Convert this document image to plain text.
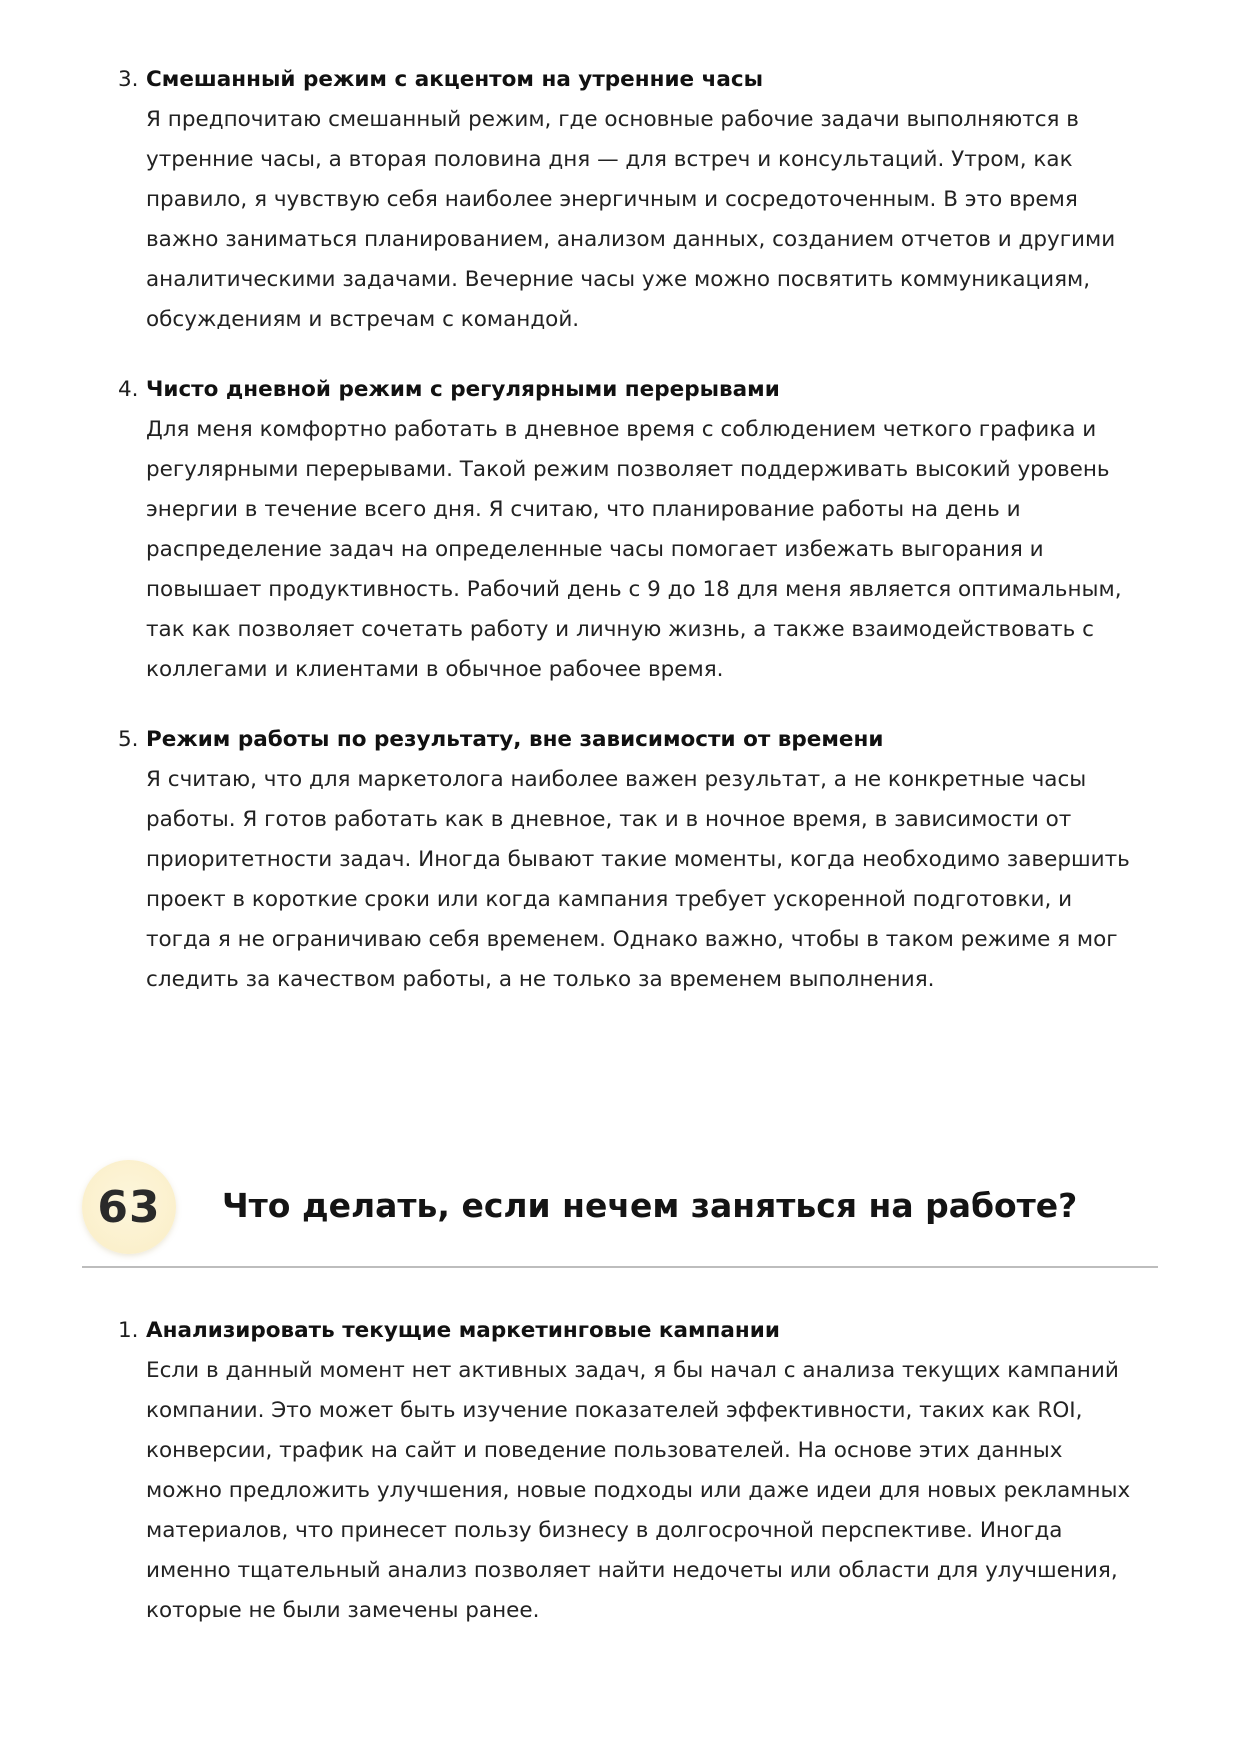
3. Смешанный режим с акцентом на утренние часы
Я предпочитаю смешанный режим, где основные рабочие задачи выполняются в утренние часы, а вторая половина дня — для встреч и консультаций. Утром, как правило, я чувствую себя наиболее энергичным и сосредоточенным. В это время важно заниматься планированием, анализом данных, созданием отчетов и другими аналитическими задачами. Вечерние часы уже можно посвятить коммуникациям, обсуждениям и встречам с командой.
4. Чисто дневной режим с регулярными перерывами
Для меня комфортно работать в дневное время с соблюдением четкого графика и регулярными перерывами. Такой режим позволяет поддерживать высокий уровень энергии в течение всего дня. Я считаю, что планирование работы на день и распределение задач на определенные часы помогает избежать выгорания и повышает продуктивность. Рабочий день с 9 до 18 для меня является оптимальным, так как позволяет сочетать работу и личную жизнь, а также взаимодействовать с коллегами и клиентами в обычное рабочее время.
5. Режим работы по результату, вне зависимости от времени
Я считаю, что для маркетолога наиболее важен результат, а не конкретные часы работы. Я готов работать как в дневное, так и в ночное время, в зависимости от приоритетности задач. Иногда бывают такие моменты, когда необходимо завершить проект в короткие сроки или когда кампания требует ускоренной подготовки, и тогда я не ограничиваю себя временем. Однако важно, чтобы в таком режиме я мог следить за качеством работы, а не только за временем выполнения.
63 Что делать, если нечем заняться на работе?
1. Анализировать текущие маркетинговые кампании
Если в данный момент нет активных задач, я бы начал с анализа текущих кампаний компании. Это может быть изучение показателей эффективности, таких как ROI, конверсии, трафик на сайт и поведение пользователей. На основе этих данных можно предложить улучшения, новые подходы или даже идеи для новых рекламных материалов, что принесет пользу бизнесу в долгосрочной перспективе. Иногда именно тщательный анализ позволяет найти недочеты или области для улучшения, которые не были замечены ранее.
